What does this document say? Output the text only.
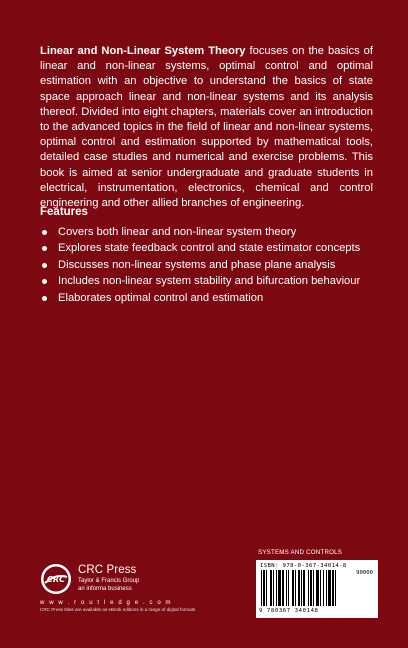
Linear and Non-Linear System Theory focuses on the basics of linear and non-linear systems, optimal control and optimal estimation with an objective to understand the basics of state space approach linear and non-linear systems and its analysis thereof. Divided into eight chapters, materials cover an introduction to the advanced topics in the field of linear and non-linear systems, optimal control and estimation supported by mathematical tools, detailed case studies and numerical and exercise problems. This book is aimed at senior undergraduate and graduate students in electrical, instrumentation, electronics, chemical and control engineering and other allied branches of engineering.

Features
Covers both linear and non-linear system theory
Explores state feedback control and state estimator concepts
Discusses non-linear systems and phase plane analysis
Includes non-linear system stability and bifurcation behaviour
Elaborates optimal control and estimation
CRC
CRC Press
Taylor & Francis Group
an informa business
w w w . r o u t l e d g e . c o m
CRC Press titles are available as eBook editions in a range of digital formats
SYSTEMS AND CONTROLS
ISBN: 978-0-367-34014-8
90000
9 780367 340148
